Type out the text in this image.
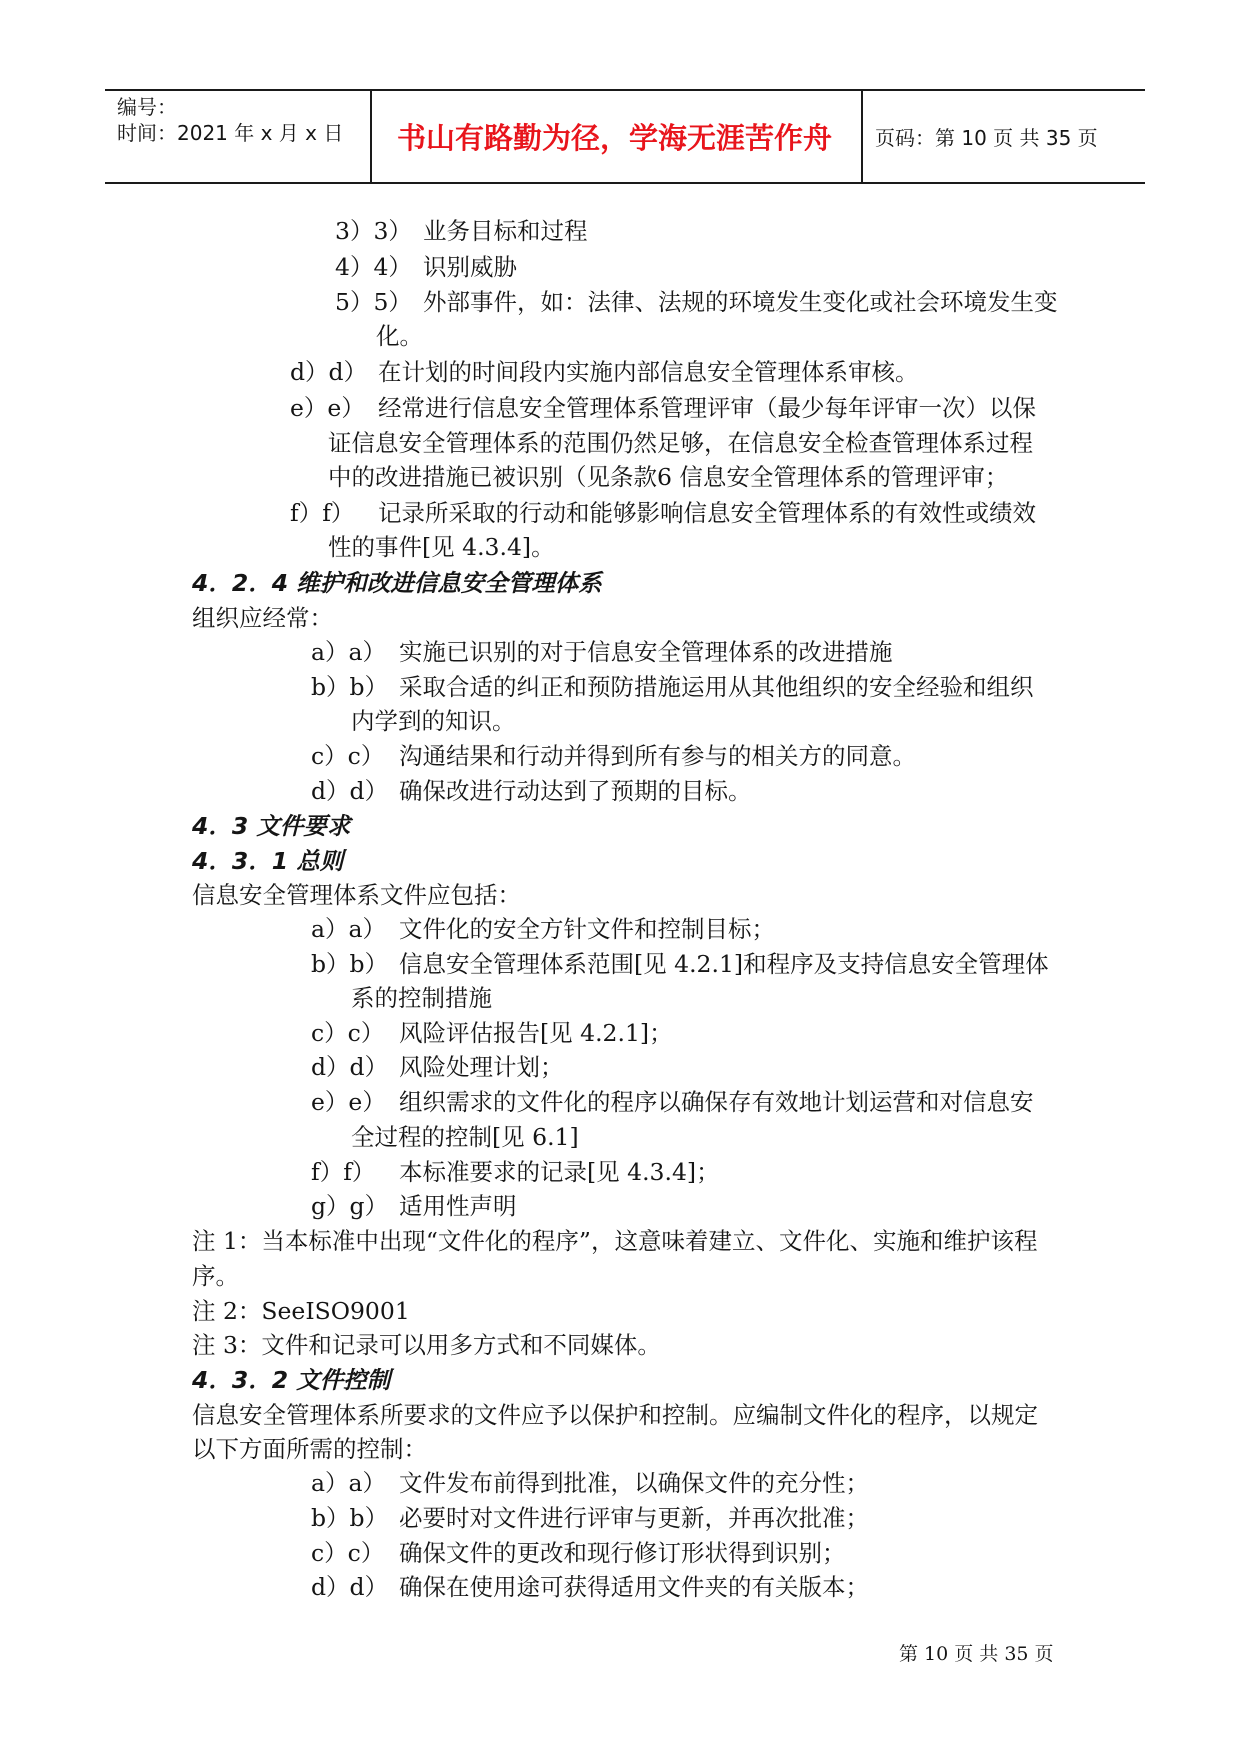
编号：
时间：2021 年 x 月 x 日 书山有路勤为径，学海无涯苦作舟 页码：第 10 页 共 35 页
3）3） 业务目标和过程
4）4） 识别威胁
5）5） 外部事件，如：法律、法规的环境发生变化或社会环境发生变
化。
d）d） 在计划的时间段内实施内部信息安全管理体系审核。
e）e） 经常进行信息安全管理体系管理评审（最少每年评审一次）以保
证信息安全管理体系的范围仍然足够，在信息安全检查管理体系过程
中的改进措施已被识别（见条款6 信息安全管理体系的管理评审；
f）f） 记录所采取的行动和能够影响信息安全管理体系的有效性或绩效
性的事件[见 4.3.4]。
4．2．4 维护和改进信息安全管理体系
组织应经常：
a）a） 实施已识别的对于信息安全管理体系的改进措施
b）b） 采取合适的纠正和预防措施运用从其他组织的安全经验和组织
内学到的知识。
c）c） 沟通结果和行动并得到所有参与的相关方的同意。
d）d） 确保改进行动达到了预期的目标。
4．3 文件要求
4．3．1 总则
信息安全管理体系文件应包括：
a）a） 文件化的安全方针文件和控制目标；
b）b） 信息安全管理体系范围[见 4.2.1]和程序及支持信息安全管理体
系的控制措施
c）c） 风险评估报告[见 4.2.1]；
d）d） 风险处理计划；
e）e） 组织需求的文件化的程序以确保存有效地计划运营和对信息安
全过程的控制[见 6.1]
f）f） 本标准要求的记录[见 4.3.4]；
g）g） 适用性声明
注 1：当本标准中出现“文件化的程序”，这意味着建立、文件化、实施和维护该程
序。
注 2：SeeISO9001
注 3：文件和记录可以用多方式和不同媒体。
4．3．2 文件控制
信息安全管理体系所要求的文件应予以保护和控制。应编制文件化的程序，以规定
以下方面所需的控制：
a）a） 文件发布前得到批准，以确保文件的充分性；
b）b） 必要时对文件进行评审与更新，并再次批准；
c）c） 确保文件的更改和现行修订形状得到识别；
d）d） 确保在使用途可获得适用文件夹的有关版本；
第 10 页 共 35 页
